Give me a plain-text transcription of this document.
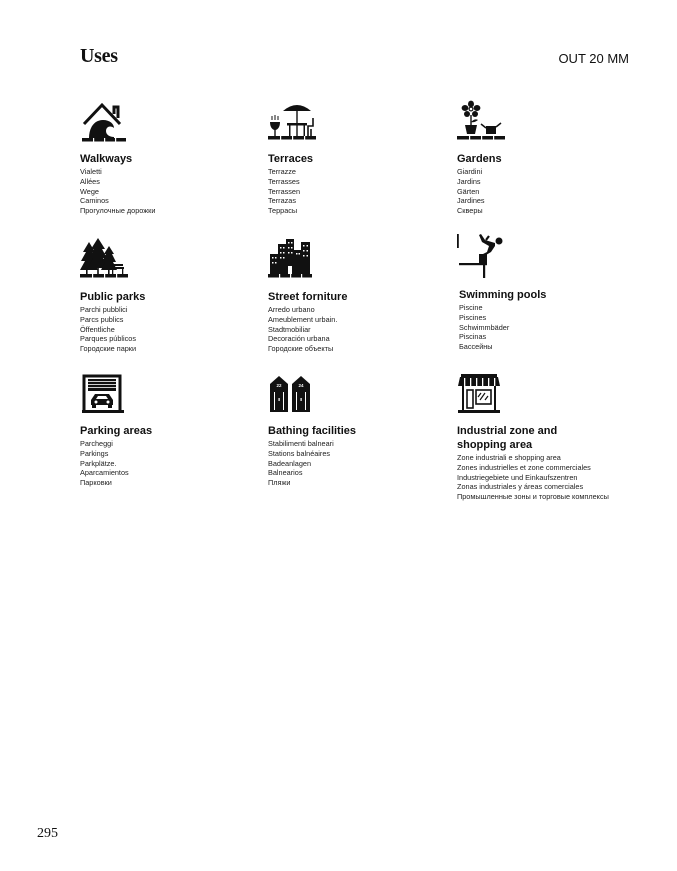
Uses	OUT 20 MM
Walkways
Vialetti
Allées
Wege
Caminos
Прогулочные дорожки
Terraces
Terrazze
Terrasses
Terrassen
Terrazas
Террасы
Gardens
Giardini
Jardins
Gärten
Jardines
Скверы
Public parks
Parchi pubblici
Parcs publics
Öffentliche
Parques públicos
Городские парки
Street forniture
Arredo urbano
Ameublement urbain.
Stadtmobiliar
Decoración urbana
Городские объекты
Swimming pools
Piscine
Piscines
Schwimmbäder
Piscinas
Бассейны
Parking areas
Parcheggi
Parkings
Parkplätze.
Aparcamientos
Парковки
22	24
Bathing facilities
Stabilimenti balneari
Stations balnéaires
Badeanlagen
Balnearios
Пляжи
Industrial zone and shopping area
Zone industriali e shopping area
Zones industrielles et zone commerciales
Industriegebiete und Einkaufszentren
Zonas industriales y áreas comerciales
Промышленные зоны и торговые комплексы
295
